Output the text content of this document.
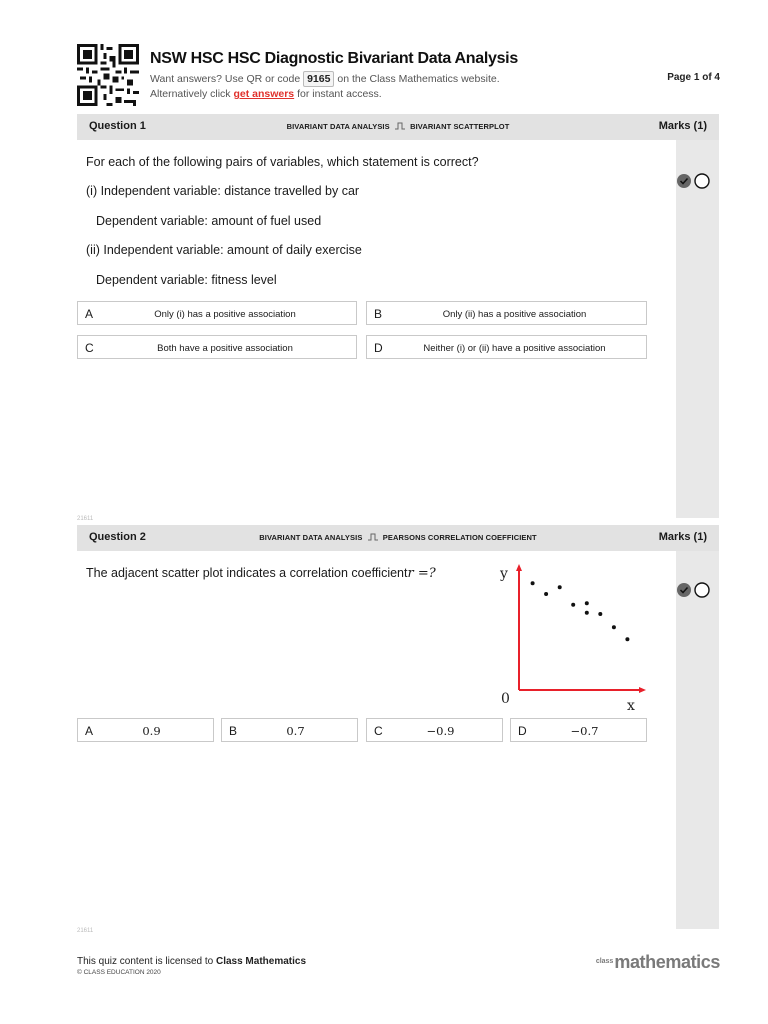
NSW HSC HSC Diagnostic Bivariant Data Analysis
Want answers? Use QR or code 9165 on the Class Mathematics website.
Alternatively click get answers for instant access.
Page 1 of 4
Question 1	BIVARIANT DATA ANALYSIS	BIVARIANT SCATTERPLOT	Marks (1)
For each of the following pairs of variables, which statement is correct?
(i) Independent variable: distance travelled by car
Dependent variable: amount of fuel used
(ii) Independent variable: amount of daily exercise
Dependent variable: fitness level
A	Only (i) has a positive association	B	Only (ii) has a positive association
C	Both have a positive association	D	Neither (i) or (ii) have a positive association
21611
Question 2	BIVARIANT DATA ANALYSIS	PEARSONS CORRELATION COEFFICIENT	Marks (1)
The adjacent scatter plot indicates a correlation coefficientr =?	y
x
0
A	0.9	B	0.7	C	−0.9	D	−0.7
21611
This quiz content is licensed to Class Mathematics
© CLASS EDUCATION 2020
$^{class}$mathematics
